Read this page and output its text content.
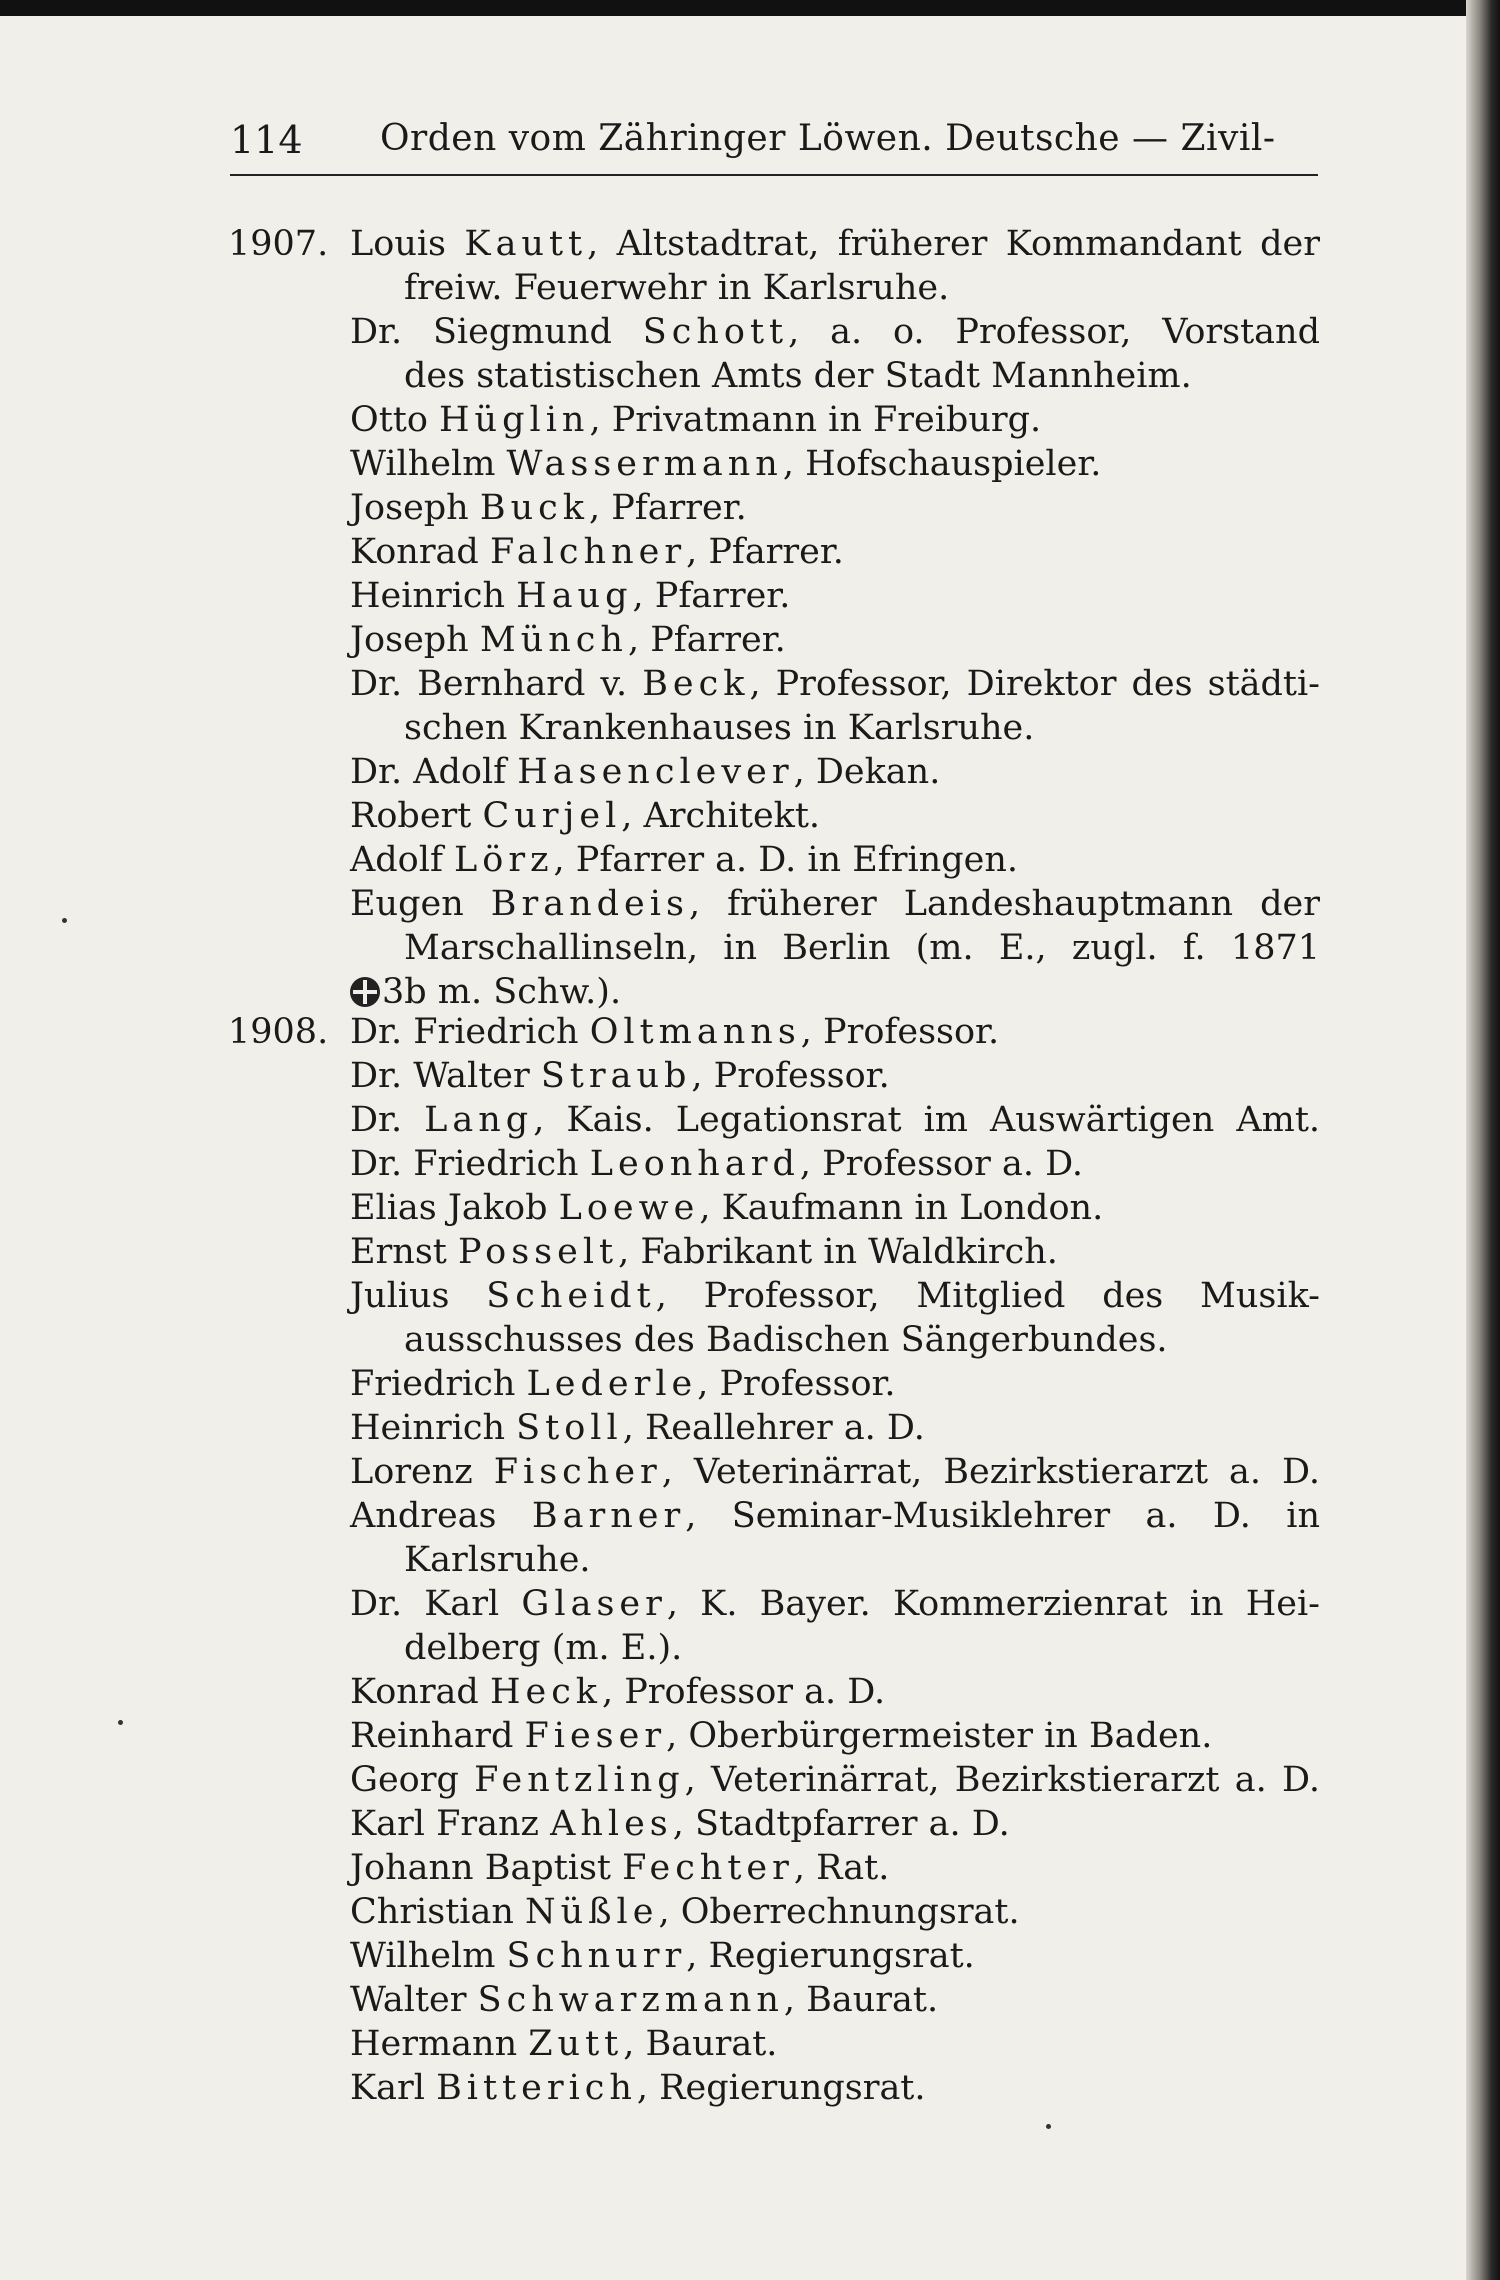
114 Orden vom Zähringer Löwen. Deutsche — Zivil-
1907.
1908.
Louis Kautt, Altstadtrat, früherer Kommandant der
freiw. Feuerwehr in Karlsruhe.
Dr. Siegmund Schott, a. o. Professor, Vorstand
des statistischen Amts der Stadt Mannheim.
Otto Hüglin, Privatmann in Freiburg.
Wilhelm Wassermann, Hofschauspieler.
Joseph Buck, Pfarrer.
Konrad Falchner, Pfarrer.
Heinrich Haug, Pfarrer.
Joseph Münch, Pfarrer.
Dr. Bernhard v. Beck, Professor, Direktor des städti-
schen Krankenhauses in Karlsruhe.
Dr. Adolf Hasenclever, Dekan.
Robert Curjel, Architekt.
Adolf Lörz, Pfarrer a. D. in Efringen.
Eugen Brandeis, früherer Landeshauptmann der
Marschallinseln, in Berlin (m. E., zugl. f. 1871
3b m. Schw.).
Dr. Friedrich Oltmanns, Professor.
Dr. Walter Straub, Professor.
Dr. Lang, Kais. Legationsrat im Auswärtigen Amt.
Dr. Friedrich Leonhard, Professor a. D.
Elias Jakob Loewe, Kaufmann in London.
Ernst Posselt, Fabrikant in Waldkirch.
Julius Scheidt, Professor, Mitglied des Musik-
ausschusses des Badischen Sängerbundes.
Friedrich Lederle, Professor.
Heinrich Stoll, Reallehrer a. D.
Lorenz Fischer, Veterinärrat, Bezirkstierarzt a. D.
Andreas Barner, Seminar-Musiklehrer a. D. in
Karlsruhe.
Dr. Karl Glaser, K. Bayer. Kommerzienrat in Hei-
delberg (m. E.).
Konrad Heck, Professor a. D.
Reinhard Fieser, Oberbürgermeister in Baden.
Georg Fentzling, Veterinärrat, Bezirkstierarzt a. D.
Karl Franz Ahles, Stadtpfarrer a. D.
Johann Baptist Fechter, Rat.
Christian Nüßle, Oberrechnungsrat.
Wilhelm Schnurr, Regierungsrat.
Walter Schwarzmann, Baurat.
Hermann Zutt, Baurat.
Karl Bitterich, Regierungsrat.
